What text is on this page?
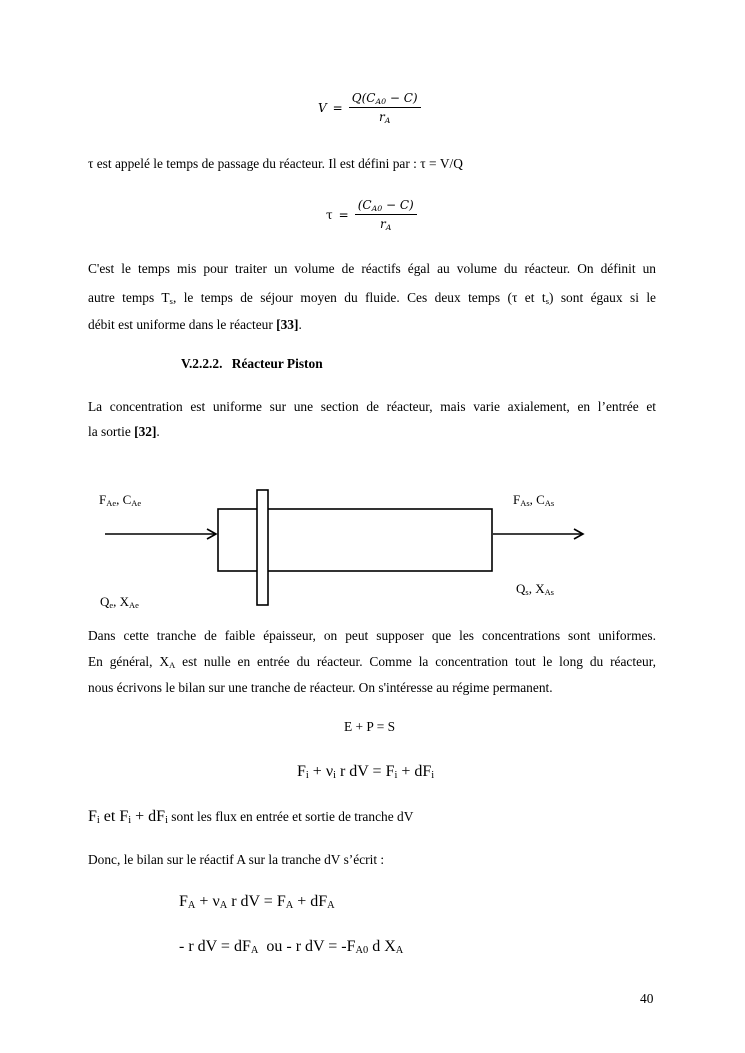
$V = \frac{Q(C_{A0} - C)}{r_A}$
τ est appelé le temps de passage du réacteur. Il est défini par : τ = V/Q
$\tau = \frac{(C_{A0} - C)}{r_A}$
C'est le temps mis pour traiter un volume de réactifs égal au volume du réacteur. On définit un
autre temps $T_s$, le temps de séjour moyen du fluide. Ces deux temps (τ et $t_s$) sont égaux si le
débit est uniforme dans le réacteur [33].
V.2.2.2. Réacteur Piston
La concentration est uniforme sur une section de réacteur, mais varie axialement, en l’entrée et
la sortie [32].
$F_{Ae}$, $C_{Ae}$	$F_{As}$, $C_{As}$
$Q_s$, $X_{As}$
$Q_e$, $X_{Ae}$
Dans cette tranche de faible épaisseur, on peut supposer que les concentrations sont uniformes.
En général, $X_A$ est nulle en entrée du réacteur. Comme la concentration tout le long du réacteur,
nous écrivons le bilan sur une tranche de réacteur. On s'intéresse au régime permanent.
E + P = S
$F_i + \nu_i$ r dV = $F_i + dF_i$
$F_i$ et $F_i + dF_i$ sont les flux en entrée et sortie de tranche dV
Donc, le bilan sur le réactif A sur la tranche dV s’écrit :
$F_A + \nu_A$ r dV = $F_A + dF_A$
- r dV = $dF_A$  ou - r dV = $-F_{A0}$ d $X_A$
40
